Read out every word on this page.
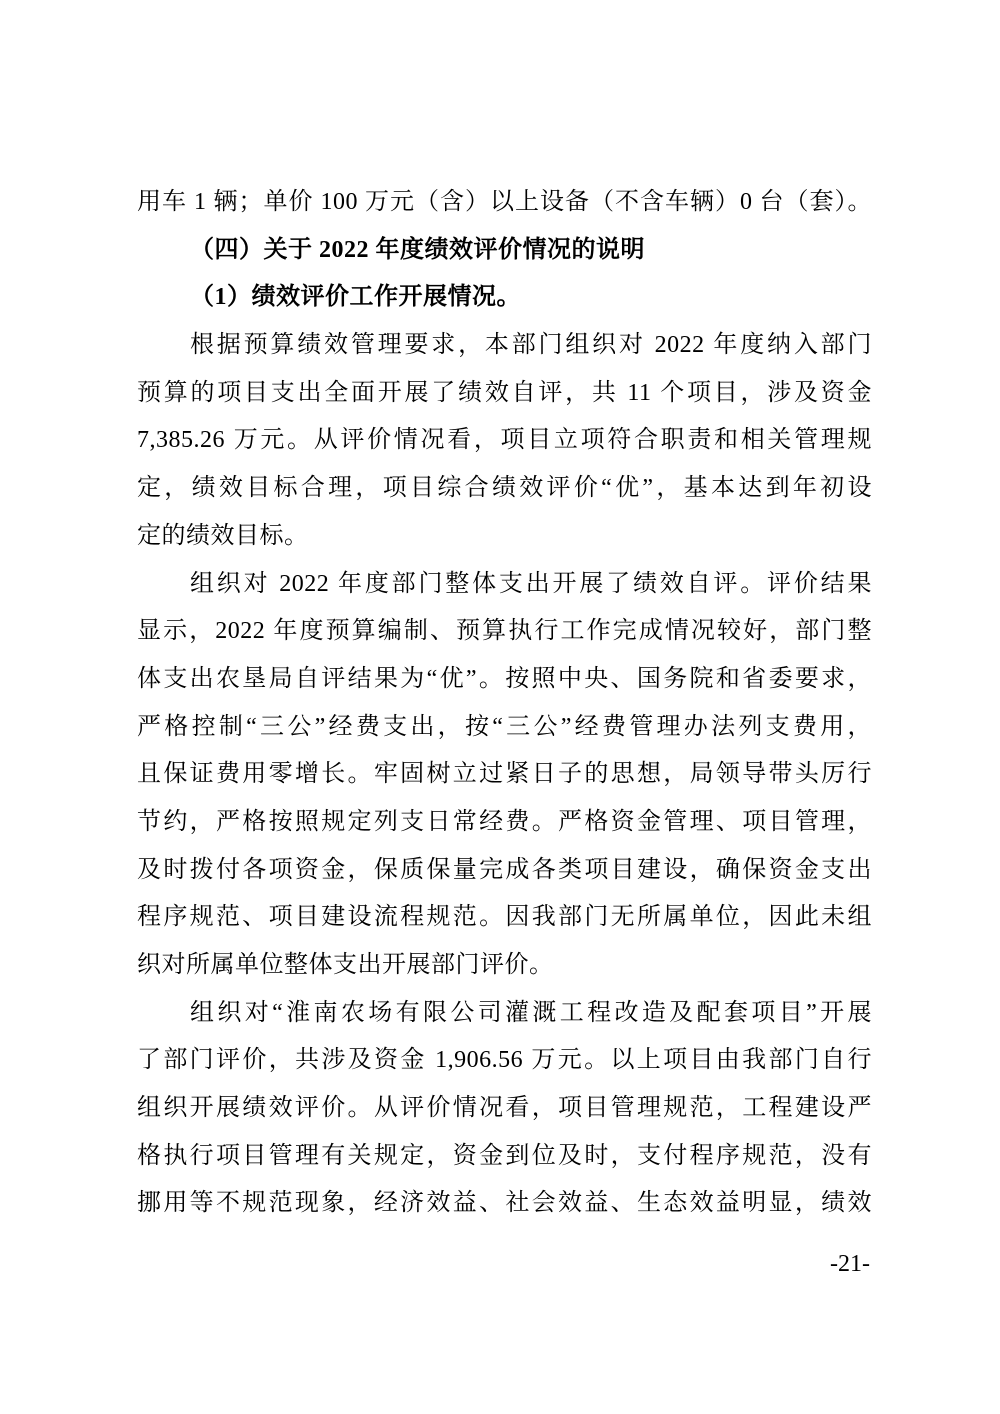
用车 1 辆；单价 100 万元（含）以上设备（不含车辆）0 台（套）。
（四）关于 2022 年度绩效评价情况的说明
（1）绩效评价工作开展情况。
根据预算绩效管理要求，本部门组织对 2022 年度纳入部门
预算的项目支出全面开展了绩效自评，共 11 个项目，涉及资金
7,385.26 万元。从评价情况看，项目立项符合职责和相关管理规
定，绩效目标合理，项目综合绩效评价“优”，基本达到年初设
定的绩效目标。
组织对 2022 年度部门整体支出开展了绩效自评。评价结果
显示，2022 年度预算编制、预算执行工作完成情况较好，部门整
体支出农垦局自评结果为“优”。按照中央、国务院和省委要求，
严格控制“三公”经费支出，按“三公”经费管理办法列支费用，
且保证费用零增长。牢固树立过紧日子的思想，局领导带头厉行
节约，严格按照规定列支日常经费。严格资金管理、项目管理，
及时拨付各项资金，保质保量完成各类项目建设，确保资金支出
程序规范、项目建设流程规范。因我部门无所属单位，因此未组
织对所属单位整体支出开展部门评价。
组织对“淮南农场有限公司灌溉工程改造及配套项目”开展
了部门评价，共涉及资金 1,906.56 万元。以上项目由我部门自行
组织开展绩效评价。从评价情况看，项目管理规范，工程建设严
格执行项目管理有关规定，资金到位及时，支付程序规范，没有
挪用等不规范现象，经济效益、社会效益、生态效益明显，绩效
-21-
